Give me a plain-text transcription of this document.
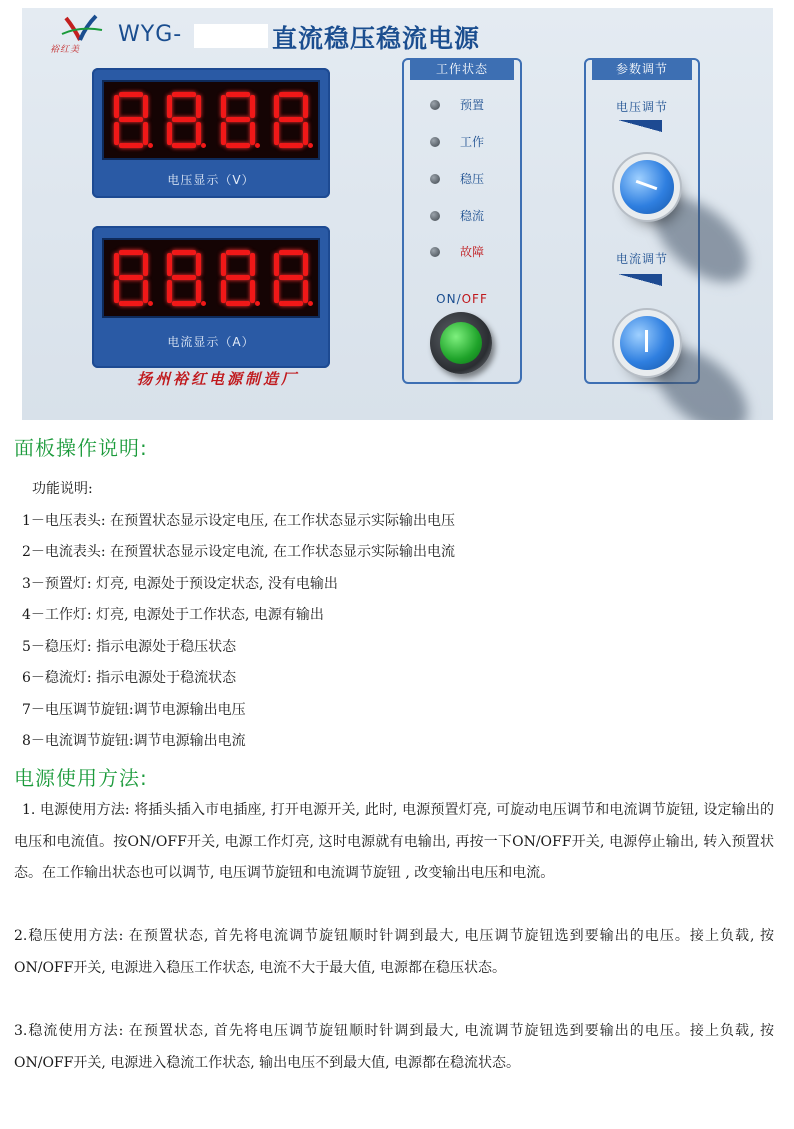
裕红美
WYG-	直流稳压稳流电源
电压显示（V）
电流显示（A）
扬州裕红电源制造厂
工作状态
预置
工作
稳压
稳流
故障
ON/OFF
参数调节
电压调节
电流调节
面板操作说明:
功能说明:
1－电压表头: 在预置状态显示设定电压, 在工作状态显示实际输出电压
2－电流表头: 在预置状态显示设定电流, 在工作状态显示实际输出电流
3－预置灯: 灯亮, 电源处于预设定状态, 没有电输出
4－工作灯: 灯亮, 电源处于工作状态, 电源有输出
5－稳压灯: 指示电源处于稳压状态
6－稳流灯: 指示电源处于稳流状态
7－电压调节旋钮:调节电源输出电压
8－电流调节旋钮:调节电源输出电流
电源使用方法:
1. 电源使用方法: 将插头插入市电插座, 打开电源开关, 此时, 电源预置灯亮, 可旋动电压调节和电流调节旋钮, 设定输出的电压和电流值。按ON/OFF开关, 电源工作灯亮, 这时电源就有电输出, 再按一下ON/OFF开关, 电源停止输出, 转入预置状态。在工作输出状态也可以调节, 电压调节旋钮和电流调节旋钮 , 改变输出电压和电流。
2.稳压使用方法: 在预置状态, 首先将电流调节旋钮顺时针调到最大, 电压调节旋钮选到要输出的电压。接上负载, 按ON/OFF开关, 电源进入稳压工作状态, 电流不大于最大值, 电源都在稳压状态。
3.稳流使用方法: 在预置状态, 首先将电压调节旋钮顺时针调到最大, 电流调节旋钮选到要输出的电压。接上负载, 按ON/OFF开关, 电源进入稳流工作状态, 输出电压不到最大值, 电源都在稳流状态。
